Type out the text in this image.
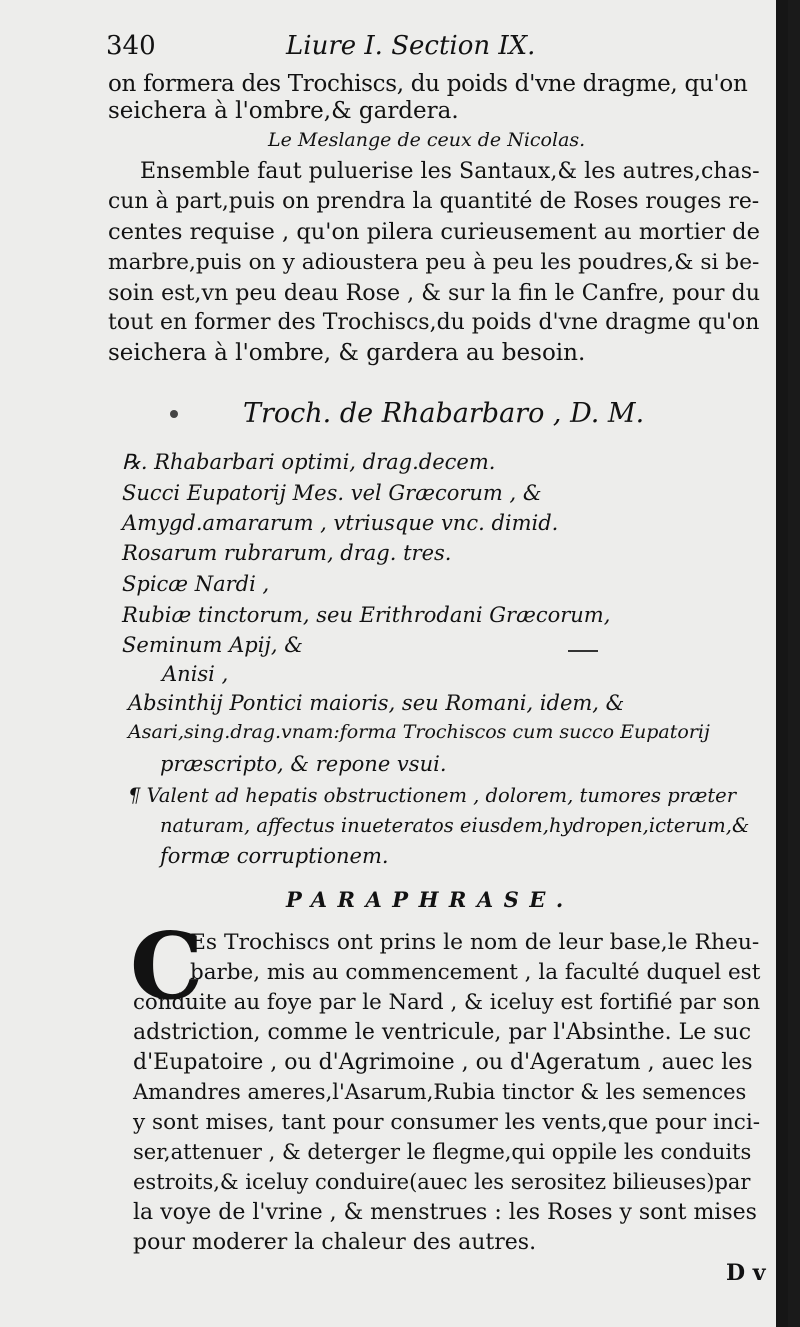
340	Liure I. Section IX.
on formera des Trochiscs, du poids d'vne dragme, qu'on
seichera à l'ombre,& gardera.
Le Meslange de ceux de Nicolas.
Ensemble faut puluerise les Santaux,& les autres,chas-
cun à part,puis on prendra la quantité de Roses rouges re-
centes requise , qu'on pilera curieusement au mortier de
marbre,puis on y adioustera peu à peu les poudres,& si be-
soin est,vn peu deau Rose , & sur la fin le Canfre, pour du
tout en former des Trochiscs,du poids d'vne dragme qu'on
seichera à l'ombre, & gardera au besoin.
Troch. de Rhabarbaro , D. M.
℞. Rhabarbari optimi, drag.decem.
Succi Eupatorij Mes. vel Græcorum , &
Amygd.amararum , vtriusque vnc. dimid.
Rosarum rubrarum, drag. tres.
Spicæ Nardi ,
Rubiæ tinctorum, seu Erithrodani Græcorum,
Seminum Apij, &
Anisi ,
Absinthij Pontici maioris, seu Romani, idem, &
Asari,sing.drag.vnam:forma Trochiscos cum succo Eupatorij
præscripto, & repone vsui.
¶ Valent ad hepatis obstructionem , dolorem, tumores præter
naturam, affectus inueteratos eiusdem,hydropen,icterum,&
formæ corruptionem.
PARAPHRASE.
C
Es Trochiscs ont prins le nom de leur base,le Rheu-
barbe, mis au commencement , la faculté duquel est
conduite au foye par le Nard , & iceluy est fortifié par son
adstriction, comme le ventricule, par l'Absinthe. Le suc
d'Eupatoire , ou d'Agrimoine , ou d'Ageratum , auec les
Amandres ameres,l'Asarum,Rubia tinctor & les semences
y sont mises, tant pour consumer les vents,que pour inci-
ser,attenuer , & deterger le flegme,qui oppile les conduits
estroits,& iceluy conduire(auec les serositez bilieuses)par
la voye de l'vrine , & menstrues : les Roses y sont mises
pour moderer la chaleur des autres.
D v
